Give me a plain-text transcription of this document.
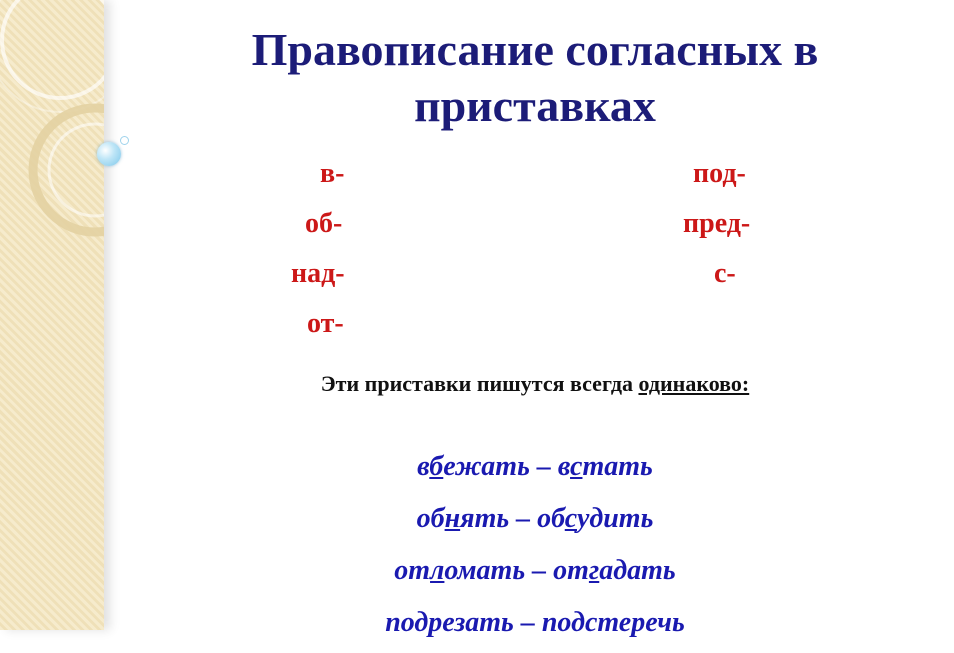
Правописание согласных в
приставках
в-
об-
над-
от-
под-
пред-
с-

Эти приставки пишутся всегда одинаково:

вбежать – встать
обнять – обсудить
отломать – отгадать
подрезать – подстеречь
